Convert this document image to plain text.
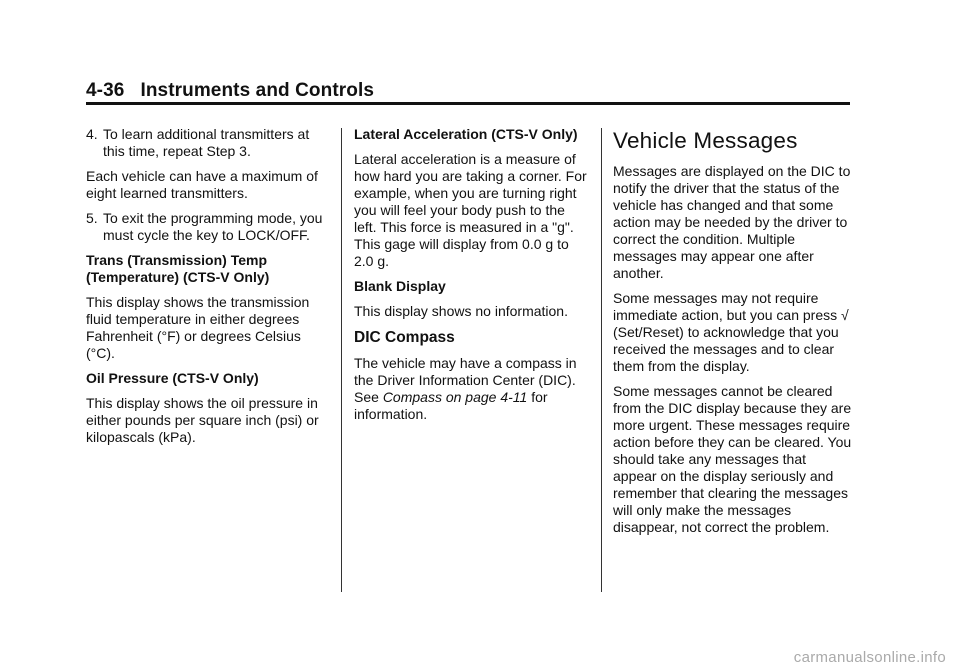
4-36 Instruments and Controls
4. To learn additional transmitters at this time, repeat Step 3.

Each vehicle can have a maximum of eight learned transmitters.

5. To exit the programming mode, you must cycle the key to LOCK/OFF.

Trans (Transmission) Temp (Temperature) (CTS-V Only)

This display shows the transmission fluid temperature in either degrees Fahrenheit (°F) or degrees Celsius (°C).

Oil Pressure (CTS-V Only)

This display shows the oil pressure in either pounds per square inch (psi) or kilopascals (kPa).

Lateral Acceleration (CTS-V Only)

Lateral acceleration is a measure of how hard you are taking a corner. For example, when you are turning right you will feel your body push to the left. This force is measured in a "g". This gage will display from 0.0 g to 2.0 g.

Blank Display

This display shows no information.

DIC Compass

The vehicle may have a compass in the Driver Information Center (DIC). See Compass on page 4-11 for information.

Vehicle Messages

Messages are displayed on the DIC to notify the driver that the status of the vehicle has changed and that some action may be needed by the driver to correct the condition. Multiple messages may appear one after another.

Some messages may not require immediate action, but you can press √(Set/Reset) to acknowledge that you received the messages and to clear them from the display.

Some messages cannot be cleared from the DIC display because they are more urgent. These messages require action before they can be cleared. You should take any messages that appear on the display seriously and remember that clearing the messages will only make the messages disappear, not correct the problem.

carmanualsonline.info
